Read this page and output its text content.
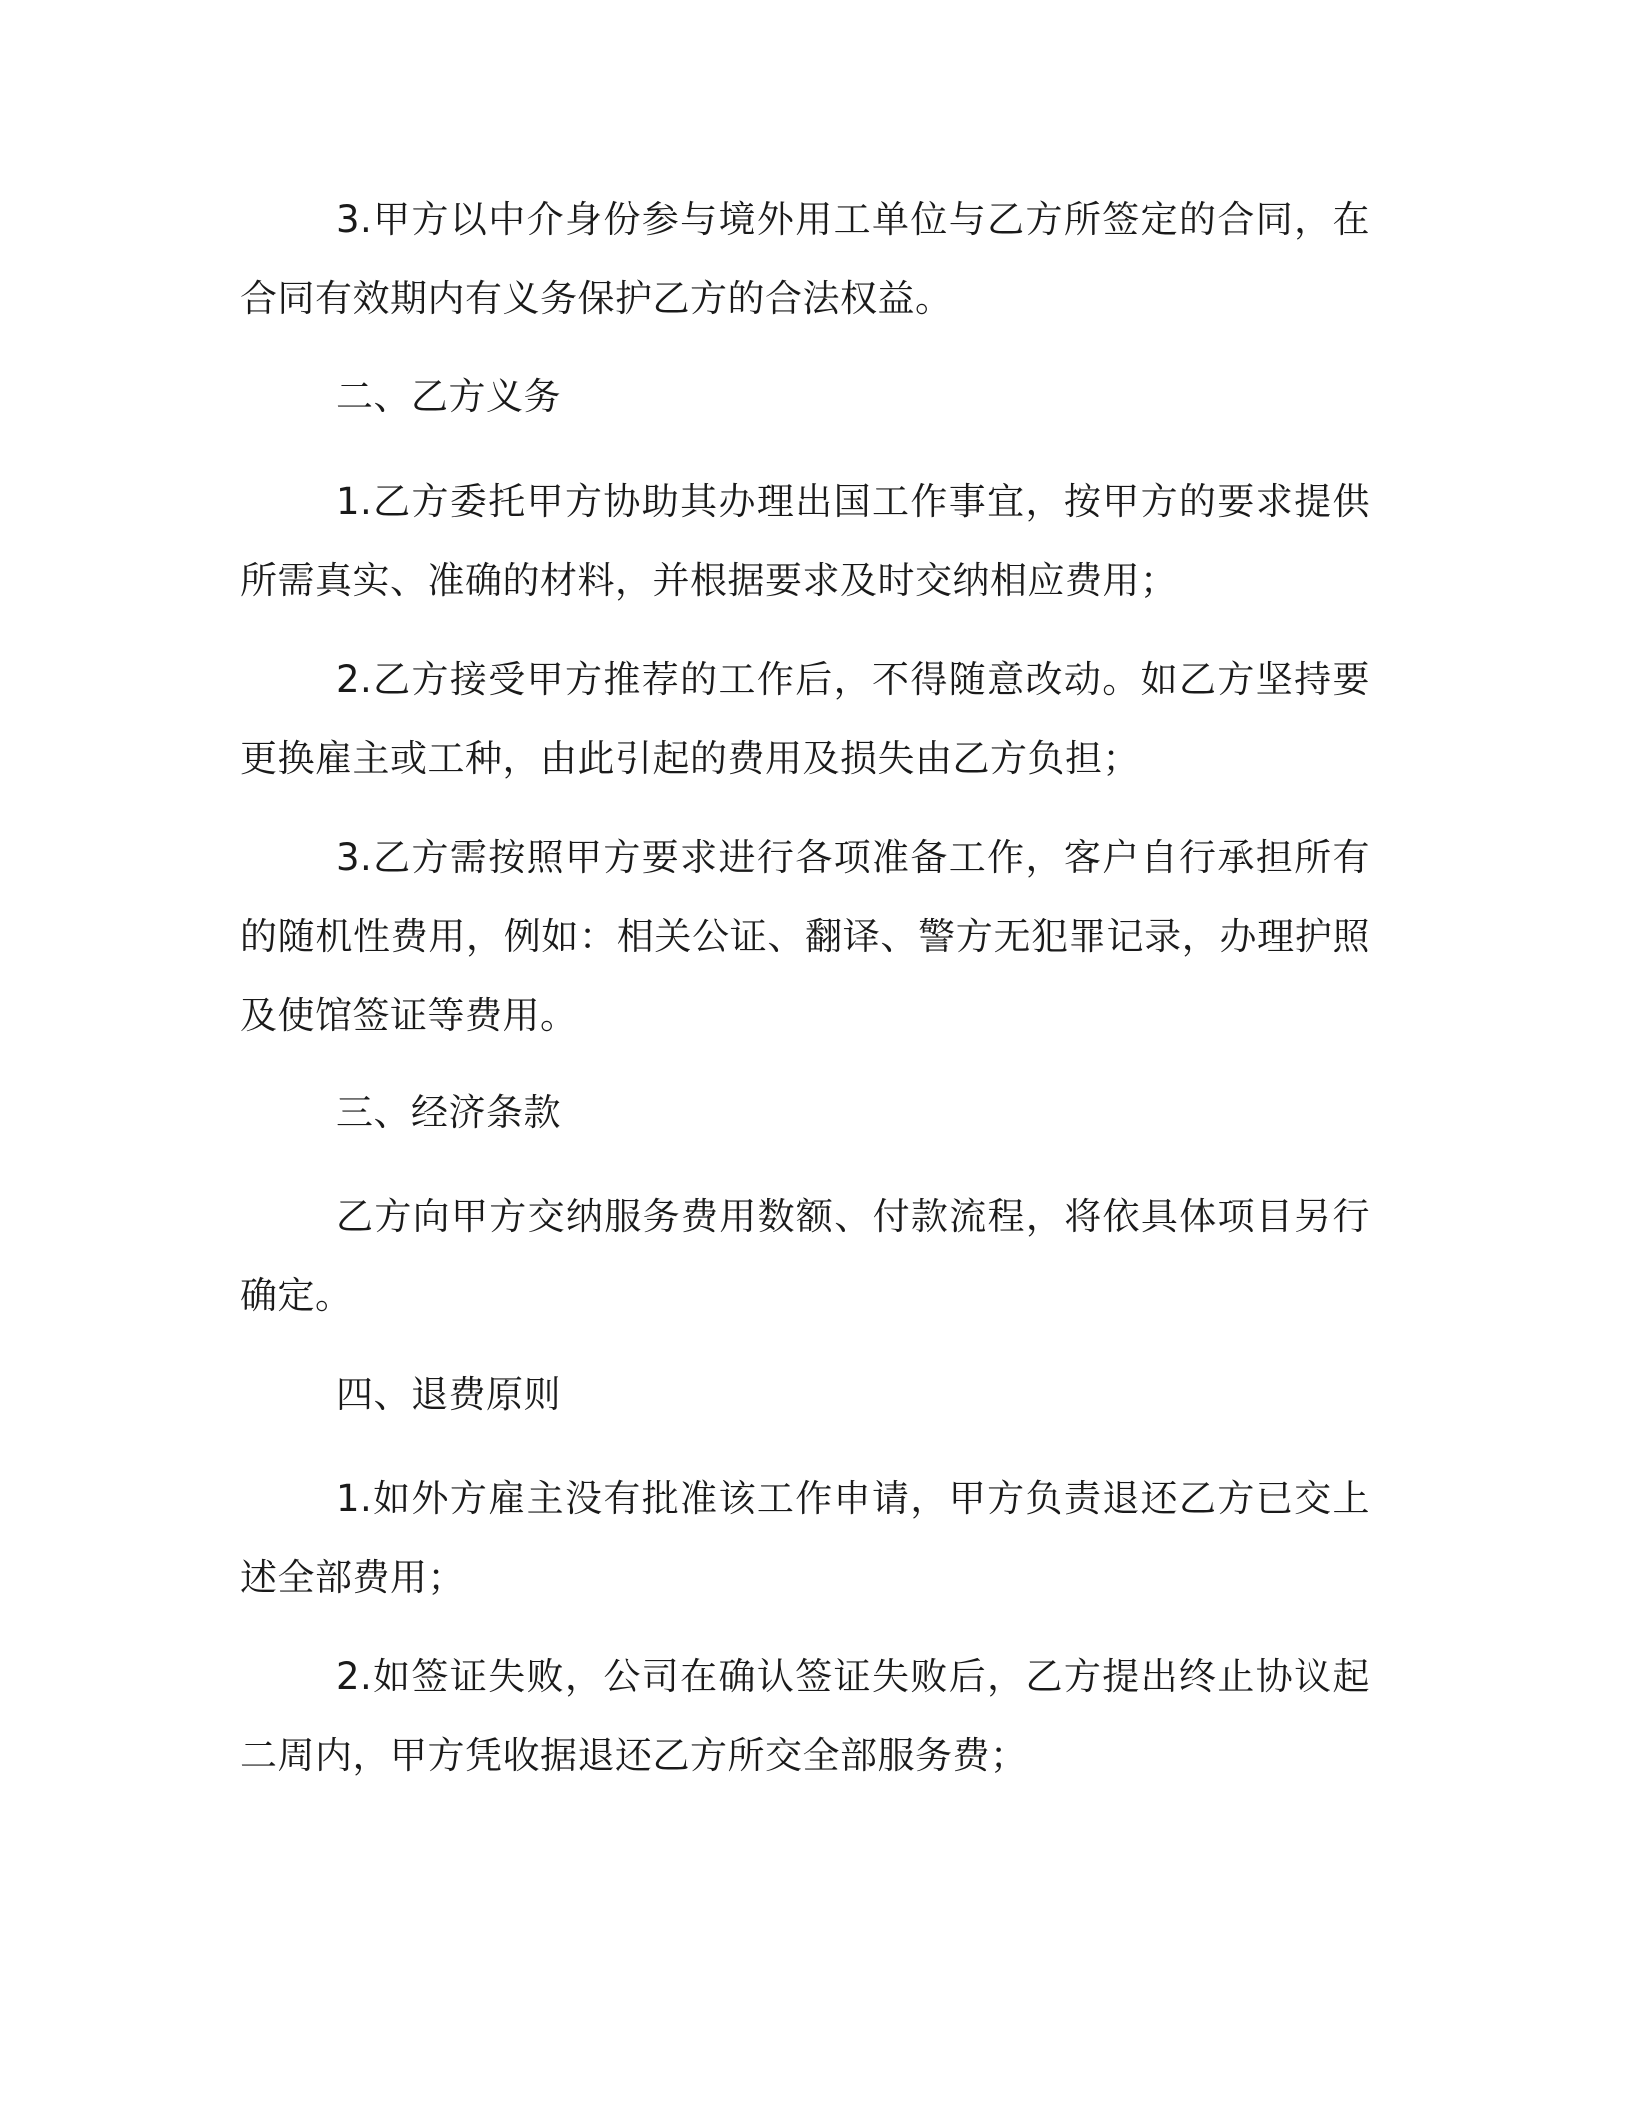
3.甲方以中介身份参与境外用工单位与乙方所签定的合同，在合同有效期内有义务保护乙方的合法权益。

二、乙方义务

1.乙方委托甲方协助其办理出国工作事宜，按甲方的要求提供所需真实、准确的材料，并根据要求及时交纳相应费用；

2.乙方接受甲方推荐的工作后，不得随意改动。如乙方坚持要更换雇主或工种，由此引起的费用及损失由乙方负担；

3.乙方需按照甲方要求进行各项准备工作，客户自行承担所有的随机性费用，例如：相关公证、翻译、警方无犯罪记录，办理护照及使馆签证等费用。

三、经济条款

乙方向甲方交纳服务费用数额、付款流程，将依具体项目另行确定。

四、退费原则

1.如外方雇主没有批准该工作申请，甲方负责退还乙方已交上述全部费用；

2.如签证失败，公司在确认签证失败后，乙方提出终止协议起二周内，甲方凭收据退还乙方所交全部服务费；
